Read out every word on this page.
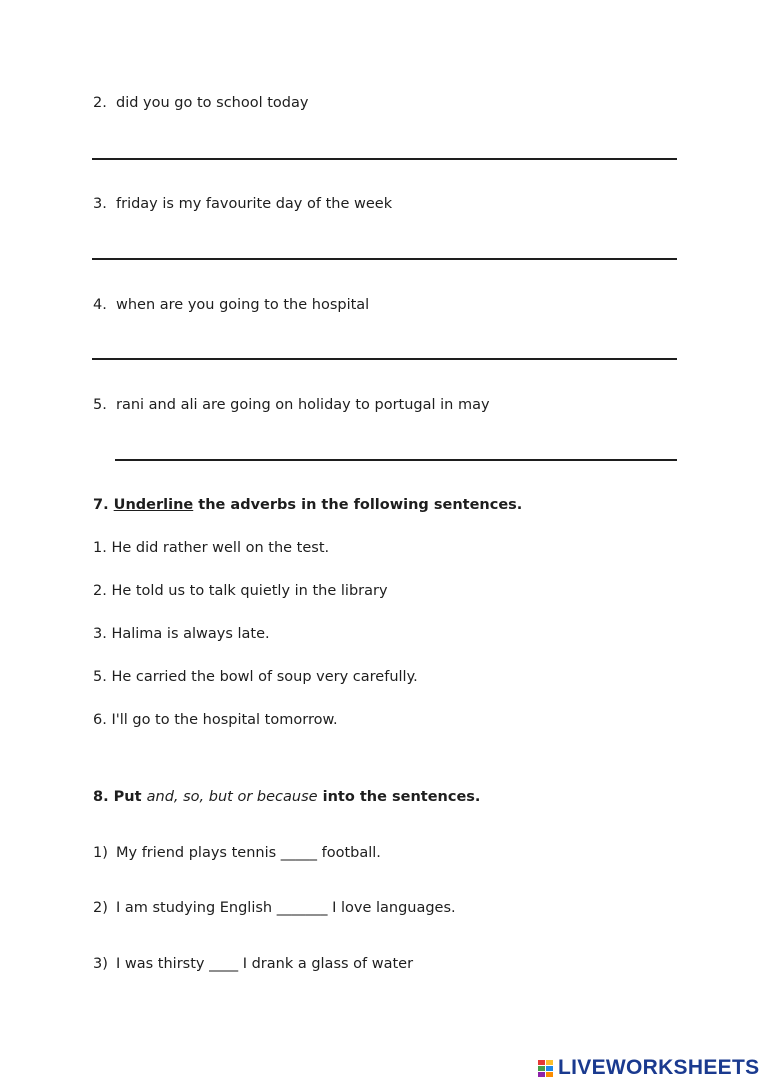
2. did you go to school today
3. friday is my favourite day of the week
4. when are you going to the hospital
5. rani and ali are going on holiday to portugal in may
7. Underline the adverbs in the following sentences.
1. He did rather well on the test.
2. He told us to talk quietly in the library
3. Halima is always late.
5. He carried the bowl of soup very carefully.
6. I'll go to the hospital tomorrow.
8. Put and, so, but or because into the sentences.
1) My friend plays tennis _____ football.
2) I am studying English _______ I love languages.
3) I was thirsty ____ I drank a glass of water
LIVEWORKSHEETS
